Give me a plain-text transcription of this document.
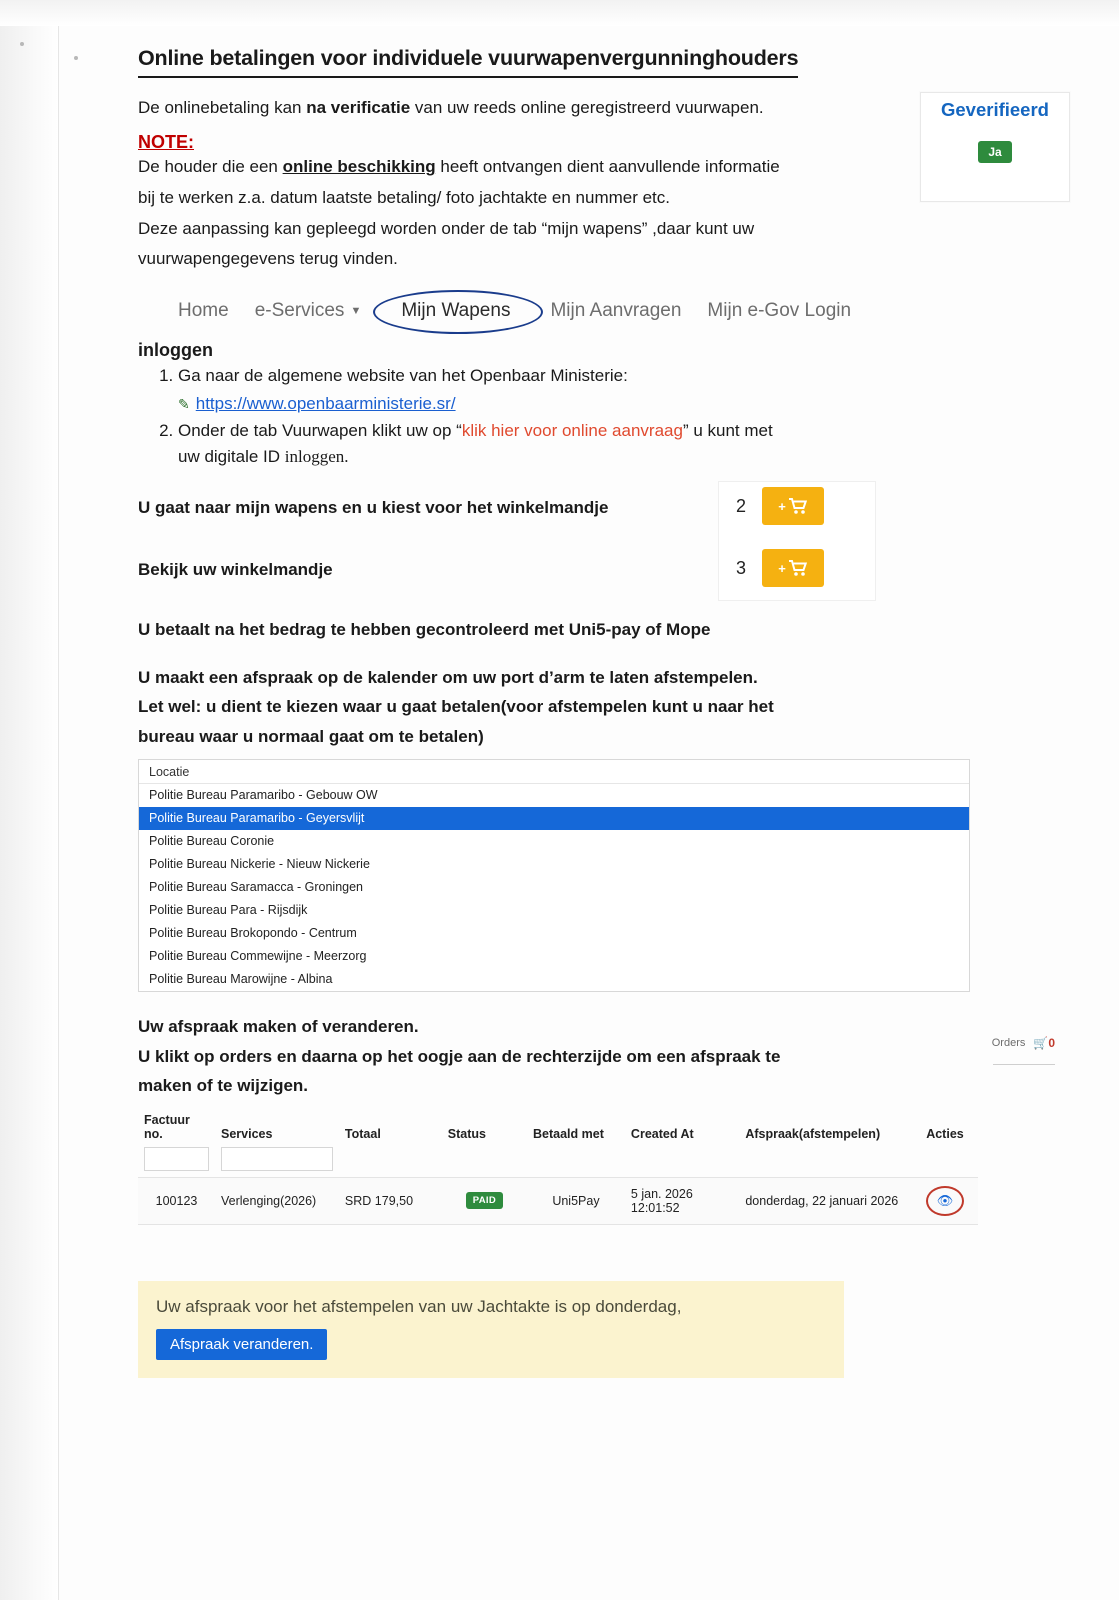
Geverifieerd
Ja
Online betalingen voor individuele vuurwapenvergunninghouders

De onlinebetaling kan na verificatie van uw reeds online geregistreerd vuurwapen.

NOTE:

De houder die een online beschikking heeft ontvangen dient aanvullende informatie

bij te werken z.a. datum laatste betaling/ foto jachtakte en nummer etc.

Deze aanpassing kan gepleegd worden onder de tab “mijn wapens” ,daar kunt uw

vuurwapengegevens terug vinden.

Home e-Services ▼	Mijn Wapens	Mijn Aanvragen Mijn e-Gov Login
inloggen
1. Ga naar de algemene website van het Openbaar Ministerie:
✎ https://www.openbaarministerie.sr/
2. Onder de tab Vuurwapen klikt uw op “klik hier voor online aanvraag” u kunt met
uw digitale ID inloggen.
U gaat naar mijn wapens en u kiest voor het winkelmandje	2 +
Bekijk uw winkelmandje	3 +
U betaalt na het bedrag te hebben gecontroleerd met Uni5-pay of Mope
U maakt een afspraak op de kalender om uw port d’arm te laten afstempelen.
Let wel: u dient te kiezen waar u gaat betalen(voor afstempelen kunt u naar het
bureau waar u normaal gaat om te betalen)
Locatie
Politie Bureau Paramaribo - Gebouw OW
Politie Bureau Paramaribo - Geyersvlijt
Politie Bureau Coronie
Politie Bureau Nickerie - Nieuw Nickerie
Politie Bureau Saramacca - Groningen
Politie Bureau Para - Rijsdijk
Politie Bureau Brokopondo - Centrum
Politie Bureau Commewijne - Meerzorg
Politie Bureau Marowijne - Albina
Uw afspraak maken of veranderen.
U klikt op orders en daarna op het oogje aan de rechterzijde om een afspraak te
maken of te wijzigen.
Factuur no.	Services	Totaal	Status	Betaald met	Created At	Afspraak(afstempelen)	Acties

100123	Verlenging(2026)	SRD 179,50	PAID	Uni5Pay	5 jan. 2026 12:01:52	donderdag, 22 januari 2026	👁
Uw afspraak voor het afstempelen van uw Jachtakte is op donderdag,
Afspraak veranderen.
Orders 🛒0
